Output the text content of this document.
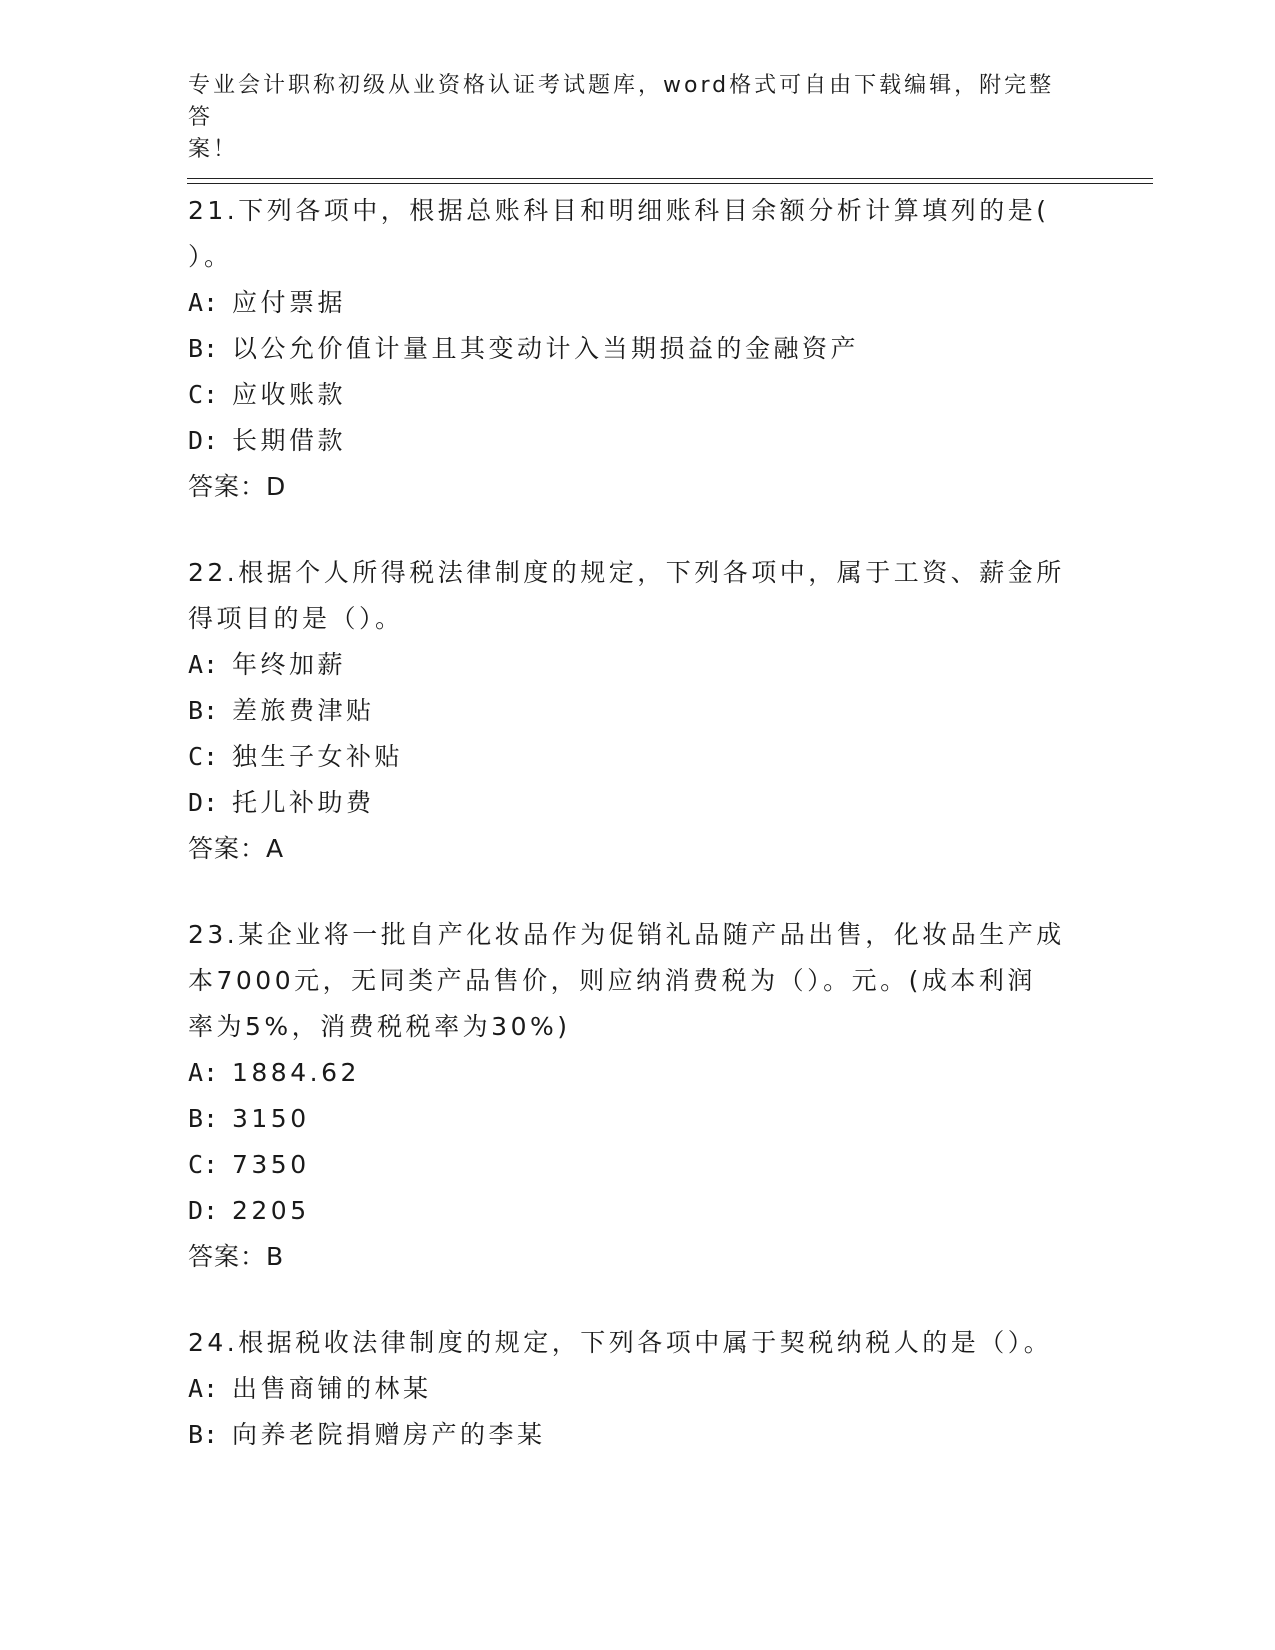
专业会计职称初级从业资格认证考试题库，word格式可自由下载编辑，附完整答
案！
21.下列各项中，根据总账科目和明细账科目余额分析计算填列的是(
）。
A: 应付票据
B: 以公允价值计量且其变动计入当期损益的金融资产
C: 应收账款
D: 长期借款
答案：D
22.根据个人所得税法律制度的规定，下列各项中，属于工资、薪金所
得项目的是（）。
A: 年终加薪
B: 差旅费津贴
C: 独生子女补贴
D: 托儿补助费
答案：A
23.某企业将一批自产化妆品作为促销礼品随产品出售，化妆品生产成
本7000元，无同类产品售价，则应纳消费税为（）。元。(成本利润
率为5%，消费税税率为30%)
A: 1884.62
B: 3150
C: 7350
D: 2205
答案：B
24.根据税收法律制度的规定，下列各项中属于契税纳税人的是（）。
A: 出售商铺的林某
B: 向养老院捐赠房产的李某
